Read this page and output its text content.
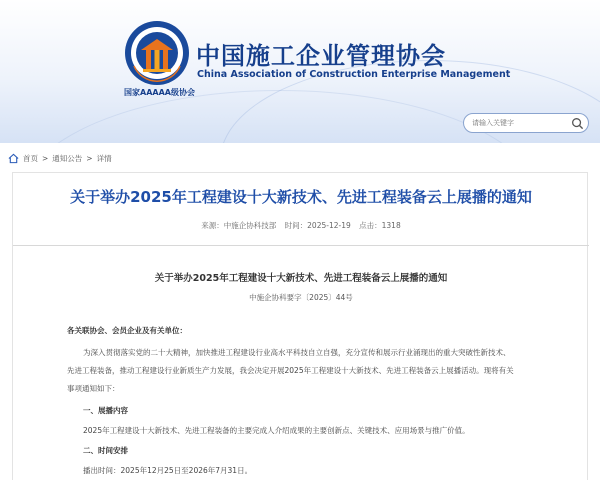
中国施工企业管理协会
China Association of Construction Enterprise Management
国家AAAAA级协会
请输入关键字
首页 > 通知公告 > 详情
关于举办2025年工程建设十大新技术、先进工程装备云上展播的通知
来源：中施企协科技部 时间：2025-12-19 点击：1318
关于举办2025年工程建设十大新技术、先进工程装备云上展播的通知
中施企协科要字〔2025〕44号
各关联协会、会员企业及有关单位：
为深入贯彻落实党的二十大精神，加快推进工程建设行业高水平科技自立自强，充分宣传和展示行业涌现出的重大突破性新技术、
先进工程装备，推动工程建设行业新质生产力发展，我会决定开展2025年工程建设十大新技术、先进工程装备云上展播活动。现将有关
事项通知如下：
一、展播内容
2025年工程建设十大新技术、先进工程装备的主要完成人介绍成果的主要创新点、关键技术、应用场景与推广价值。
二、时间安排
播出时间：2025年12月25日至2026年7月31日。
